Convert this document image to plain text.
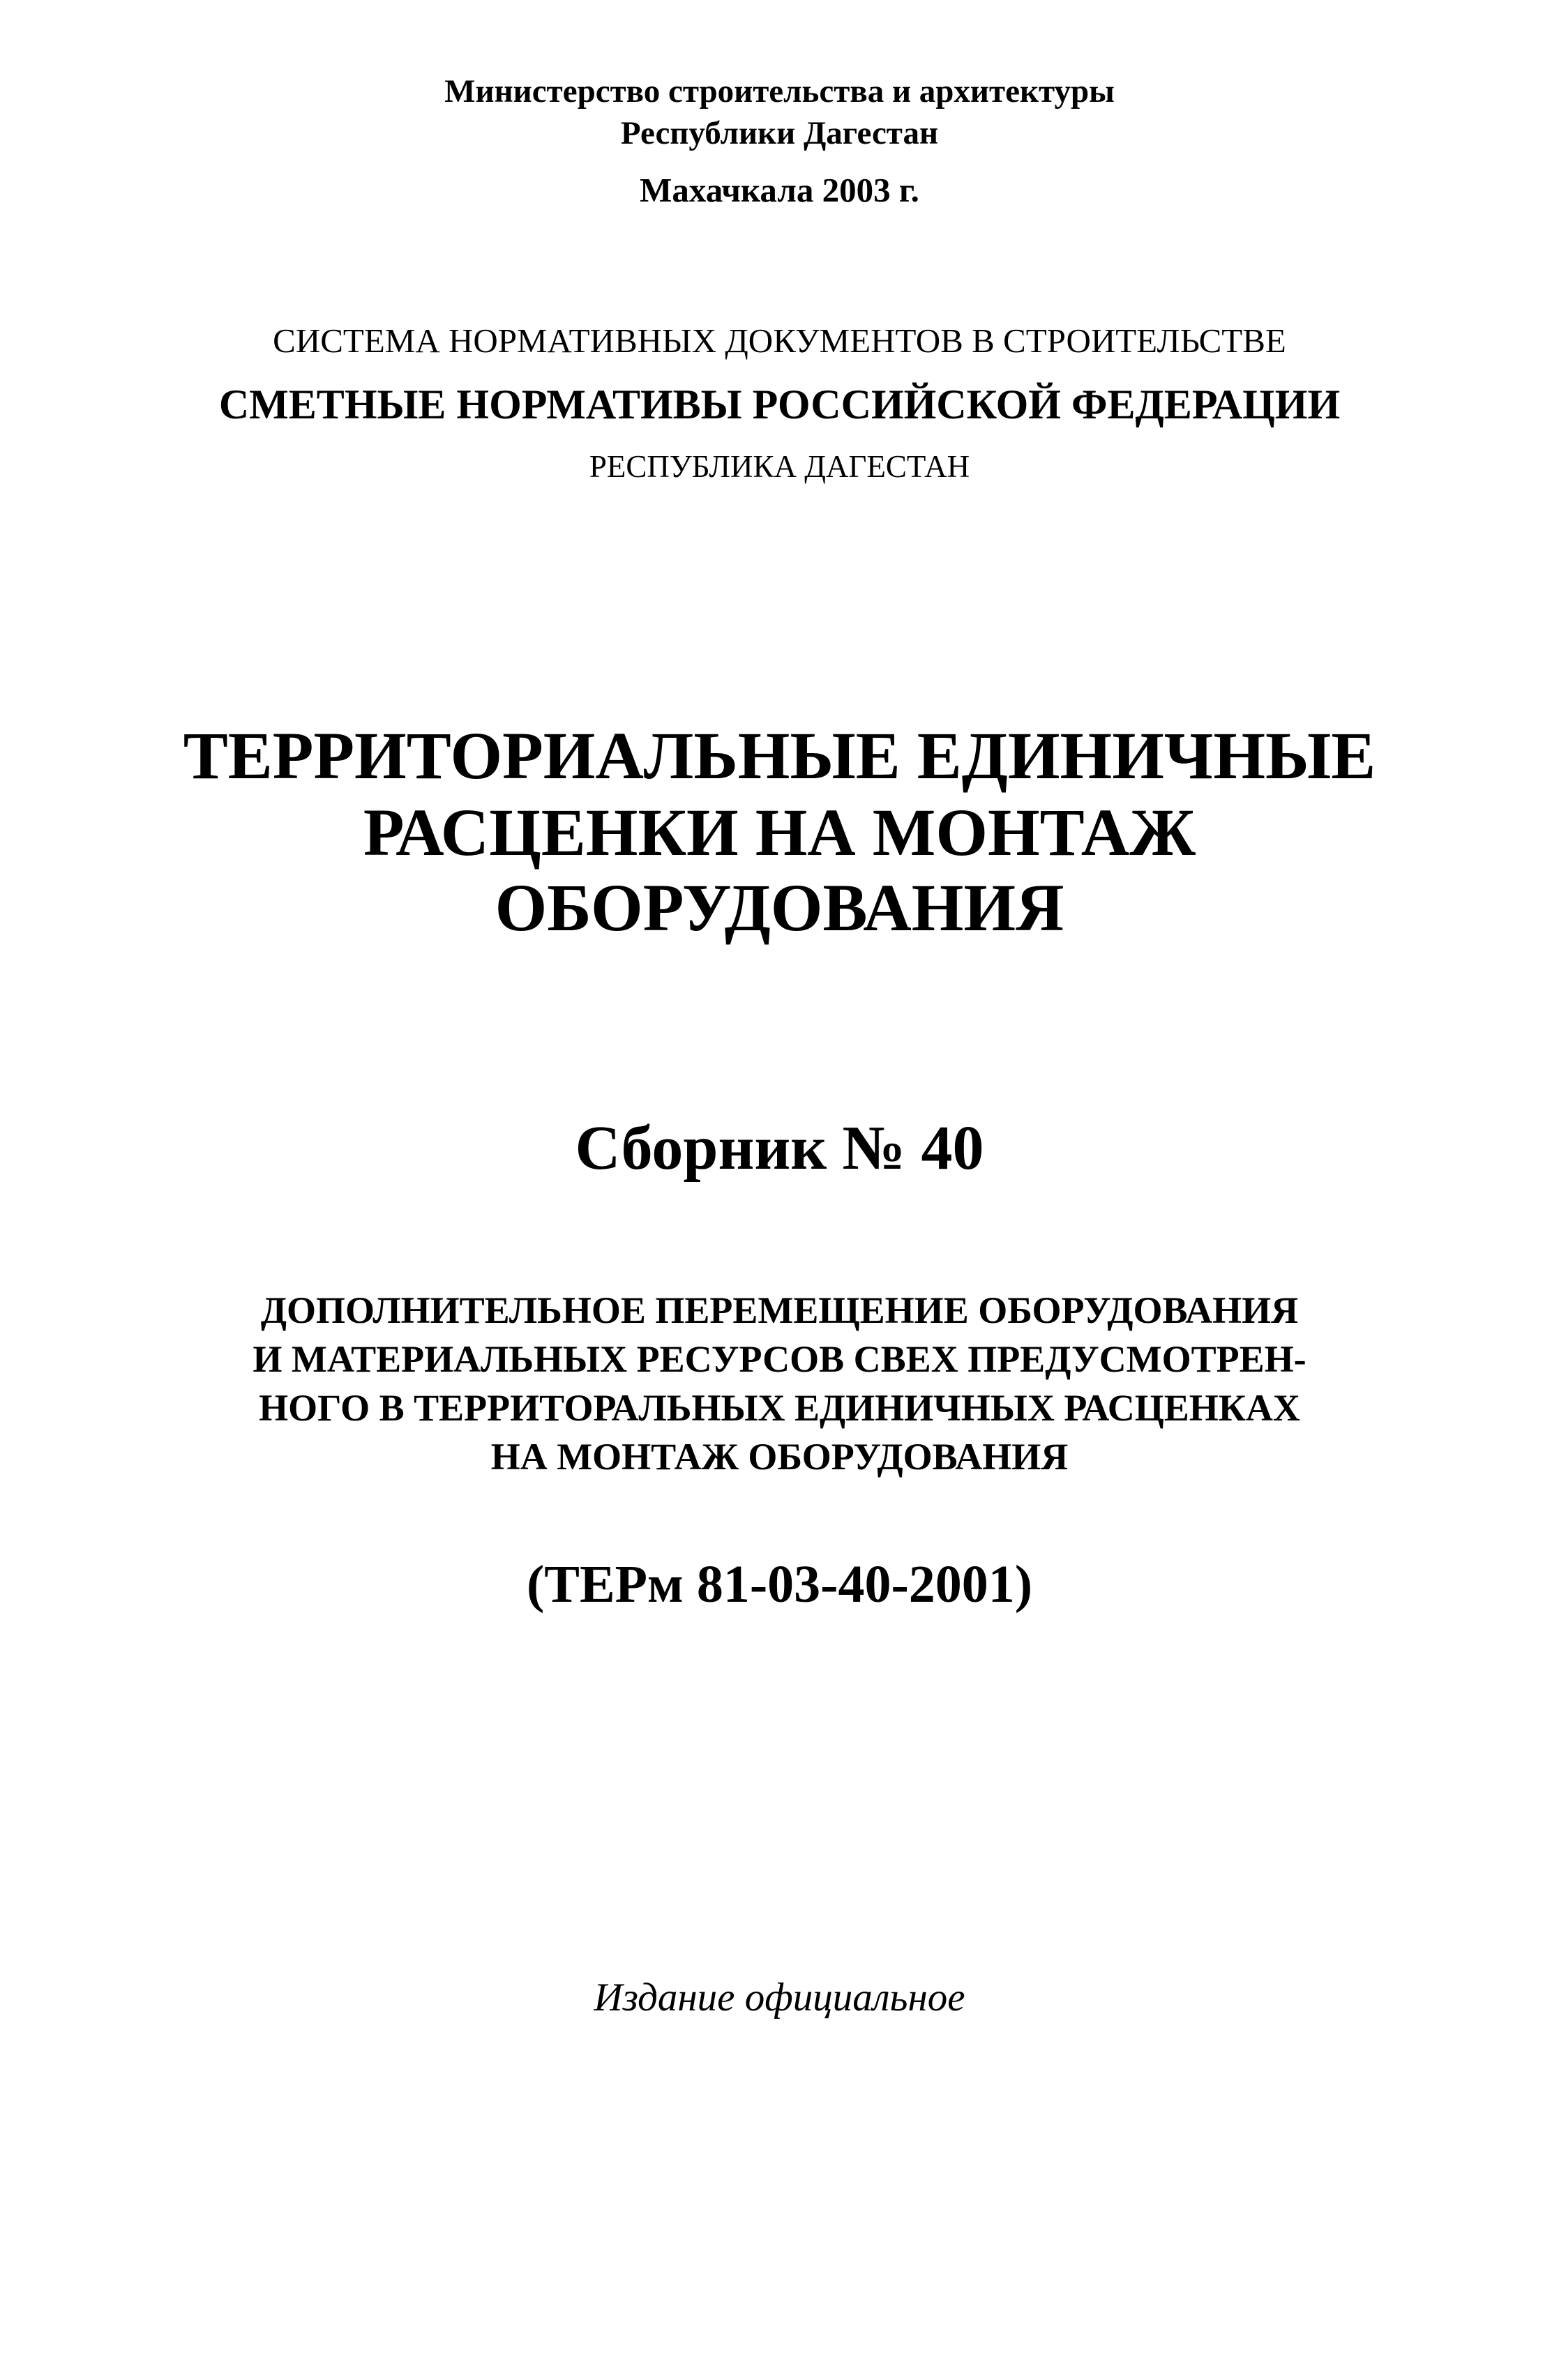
Министерство строительства и архитектуры

Республики Дагестан

Махачкала 2003 г.

СИСТЕМА НОРМАТИВНЫХ ДОКУМЕНТОВ В СТРОИТЕЛЬСТВЕ

СМЕТНЫЕ НОРМАТИВЫ РОССИЙСКОЙ ФЕДЕРАЦИИ

РЕСПУБЛИКА ДАГЕСТАН

ТЕРРИТОРИАЛЬНЫЕ ЕДИНИЧНЫЕ
РАСЦЕНКИ НА МОНТАЖ
ОБОРУДОВАНИЯ
Сборник № 40

ДОПОЛНИТЕЛЬНОЕ ПЕРЕМЕЩЕНИЕ ОБОРУДОВАНИЯ

И МАТЕРИАЛЬНЫХ РЕСУРСОВ СВЕХ ПРЕДУСМОТРЕН-

НОГО В ТЕРРИТОРАЛЬНЫХ ЕДИНИЧНЫХ РАСЦЕНКАХ

НА МОНТАЖ ОБОРУДОВАНИЯ

(ТЕРм 81-03-40-2001)

Издание официальное
